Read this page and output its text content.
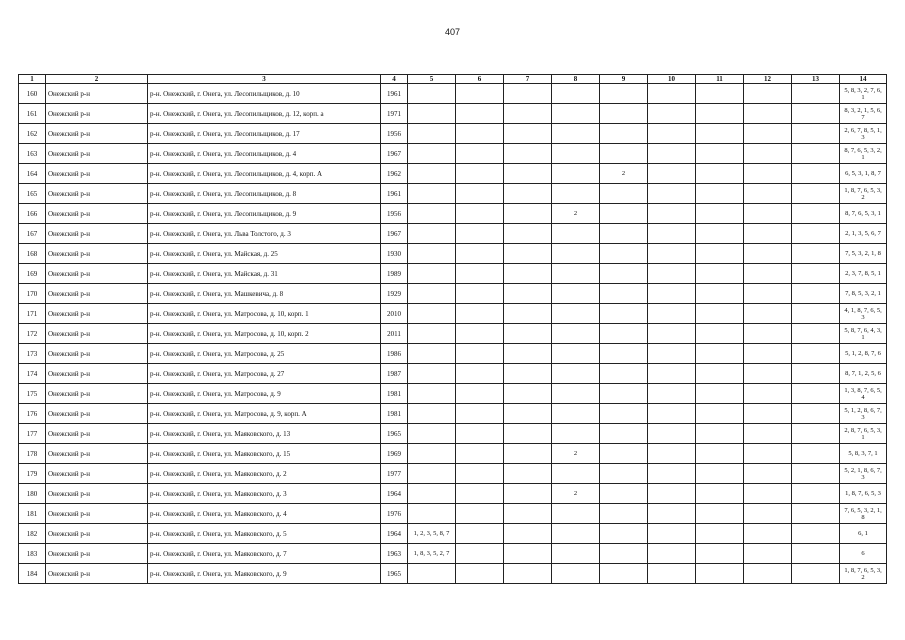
407
1	2	3	4	5	6	7	8	9	10	11	12	13	14
160	Онежский р-н	р-н. Онежский, г. Онега, ул. Лесопильщиков, д. 10	1961										5, 8, 3, 2, 7, 6, 1
161	Онежский р-н	р-н. Онежский, г. Онега, ул. Лесопильщиков, д. 12, корп. а	1971										8, 3, 2, 1, 5, 6, 7
162	Онежский р-н	р-н. Онежский, г. Онега, ул. Лесопильщиков, д. 17	1956										2, 6, 7, 8, 5, 1, 3
163	Онежский р-н	р-н. Онежский, г. Онега, ул. Лесопильщиков, д. 4	1967										8, 7, 6, 5, 3, 2, 1
164	Онежский р-н	р-н. Онежский, г. Онега, ул. Лесопильщиков, д. 4, корп. А	1962					2					6, 5, 3, 1, 8, 7
165	Онежский р-н	р-н. Онежский, г. Онега, ул. Лесопильщиков, д. 8	1961										1, 8, 7, 6, 5, 3, 2
166	Онежский р-н	р-н. Онежский, г. Онега, ул. Лесопильщиков, д. 9	1956				2						8, 7, 6, 5, 3, 1
167	Онежский р-н	р-н. Онежский, г. Онега, ул. Льва Толстого, д. 3	1967										2, 1, 3, 5, 6, 7
168	Онежский р-н	р-н. Онежский, г. Онега, ул. Майская, д. 25	1930										7, 5, 3, 2, 1, 8
169	Онежский р-н	р-н. Онежский, г. Онега, ул. Майская, д. 31	1989										2, 3, 7, 8, 5, 1
170	Онежский р-н	р-н. Онежский, г. Онега, ул. Машкевича, д. 8	1929										7, 8, 5, 3, 2, 1
171	Онежский р-н	р-н. Онежский, г. Онега, ул. Матросова, д. 10, корп. 1	2010										4, 1, 8, 7, 6, 5, 3
172	Онежский р-н	р-н. Онежский, г. Онега, ул. Матросова, д. 10, корп. 2	2011										5, 8, 7, 6, 4, 3, 1
173	Онежский р-н	р-н. Онежский, г. Онега, ул. Матросова, д. 25	1986										5, 1, 2, 8, 7, 6
174	Онежский р-н	р-н. Онежский, г. Онега, ул. Матросова, д. 27	1987										8, 7, 1, 2, 5, 6
175	Онежский р-н	р-н. Онежский, г. Онега, ул. Матросова, д. 9	1981										1, 3, 8, 7, 6, 5, 4
176	Онежский р-н	р-н. Онежский, г. Онега, ул. Матросова, д. 9, корп. А	1981										5, 1, 2, 8, 6, 7, 3
177	Онежский р-н	р-н. Онежский, г. Онега, ул. Маяковского, д. 13	1965										2, 8, 7, 6, 5, 3, 1
178	Онежский р-н	р-н. Онежский, г. Онега, ул. Маяковского, д. 15	1969				2						5, 8, 3, 7, 1
179	Онежский р-н	р-н. Онежский, г. Онега, ул. Маяковского, д. 2	1977										5, 2, 1, 8, 6, 7, 3
180	Онежский р-н	р-н. Онежский, г. Онега, ул. Маяковского, д. 3	1964				2						1, 8, 7, 6, 5, 3
181	Онежский р-н	р-н. Онежский, г. Онега, ул. Маяковского, д. 4	1976										7, 6, 5, 3, 2, 1, 8
182	Онежский р-н	р-н. Онежский, г. Онега, ул. Маяковского, д. 5	1964	1, 2, 3, 5, 8, 7									6, 1
183	Онежский р-н	р-н. Онежский, г. Онега, ул. Маяковского, д. 7	1963	1, 8, 3, 5, 2, 7									6
184	Онежский р-н	р-н. Онежский, г. Онега, ул. Маяковского, д. 9	1965										1, 8, 7, 6, 5, 3, 2
